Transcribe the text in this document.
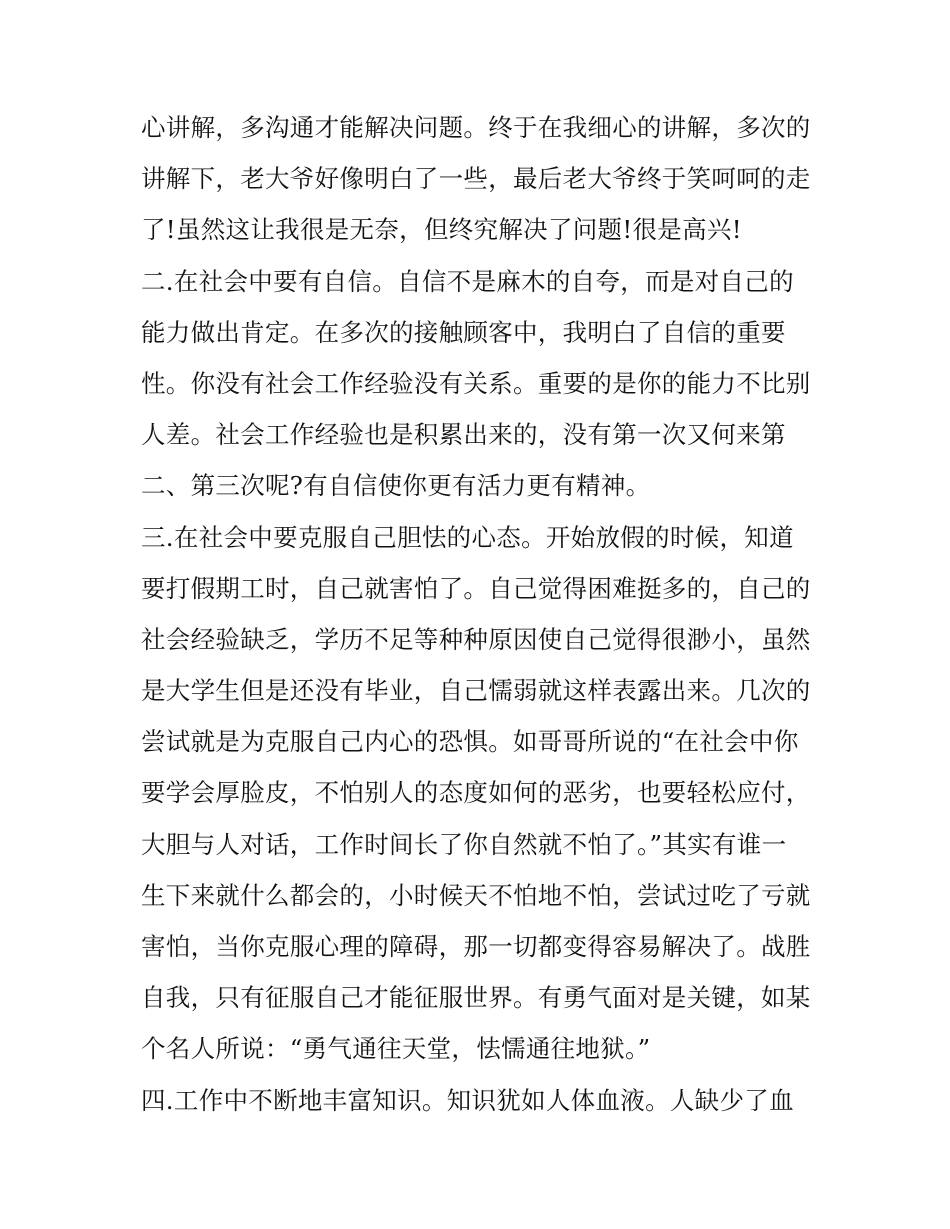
心讲解，多沟通才能解决问题。终于在我细心的讲解，多次的
讲解下，老大爷好像明白了一些，最后老大爷终于笑呵呵的走
了!虽然这让我很是无奈，但终究解决了问题!很是高兴!
二.在社会中要有自信。自信不是麻木的自夸，而是对自己的
能力做出肯定。在多次的接触顾客中，我明白了自信的重要
性。你没有社会工作经验没有关系。重要的是你的能力不比别
人差。社会工作经验也是积累出来的，没有第一次又何来第
二、第三次呢?有自信使你更有活力更有精神。
三.在社会中要克服自己胆怯的心态。开始放假的时候，知道
要打假期工时，自己就害怕了。自己觉得困难挺多的，自己的
社会经验缺乏，学历不足等种种原因使自己觉得很渺小，虽然
是大学生但是还没有毕业，自己懦弱就这样表露出来。几次的
尝试就是为克服自己内心的恐惧。如哥哥所说的“在社会中你
要学会厚脸皮，不怕别人的态度如何的恶劣，也要轻松应付，
大胆与人对话，工作时间长了你自然就不怕了。”其实有谁一
生下来就什么都会的，小时候天不怕地不怕，尝试过吃了亏就
害怕，当你克服心理的障碍，那一切都变得容易解决了。战胜
自我，只有征服自己才能征服世界。有勇气面对是关键，如某
个名人所说：“勇气通往天堂，怯懦通往地狱。”
四.工作中不断地丰富知识。知识犹如人体血液。人缺少了血
